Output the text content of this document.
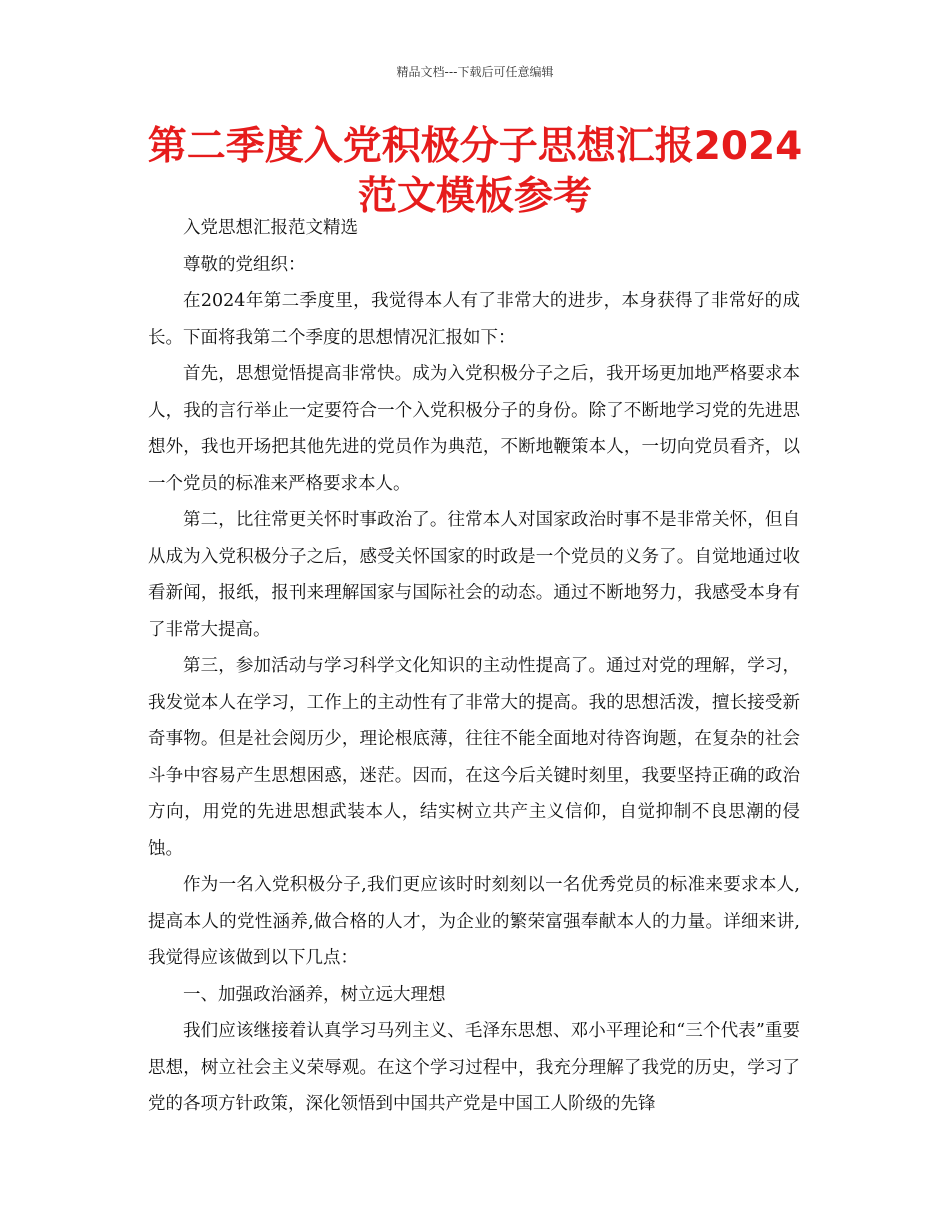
精品文档---下载后可任意编辑
第二季度入党积极分子思想汇报2024范文模板参考

入党思想汇报范文精选

尊敬的党组织：

在2024年第二季度里，我觉得本人有了非常大的进步，本身获得了非常好的成长。下面将我第二个季度的思想情况汇报如下：

首先，思想觉悟提高非常快。成为入党积极分子之后，我开场更加地严格要求本人，我的言行举止一定要符合一个入党积极分子的身份。除了不断地学习党的先进思想外，我也开场把其他先进的党员作为典范，不断地鞭策本人，一切向党员看齐，以一个党员的标准来严格要求本人。

第二，比往常更关怀时事政治了。往常本人对国家政治时事不是非常关怀，但自从成为入党积极分子之后，感受关怀国家的时政是一个党员的义务了。自觉地通过收看新闻，报纸，报刊来理解国家与国际社会的动态。通过不断地努力，我感受本身有了非常大提高。

第三，参加活动与学习科学文化知识的主动性提高了。通过对党的理解，学习，我发觉本人在学习，工作上的主动性有了非常大的提高。我的思想活泼，擅长接受新奇事物。但是社会阅历少，理论根底薄，往往不能全面地对待咨询题，在复杂的社会斗争中容易产生思想困惑，迷茫。因而，在这今后关键时刻里，我要坚持正确的政治方向，用党的先进思想武装本人，结实树立共产主义信仰，自觉抑制不良思潮的侵蚀。

作为一名入党积极分子,我们更应该时时刻刻以一名优秀党员的标准来要求本人,提高本人的党性涵养,做合格的人才，为企业的繁荣富强奉献本人的力量。详细来讲,我觉得应该做到以下几点：

一、加强政治涵养，树立远大理想

我们应该继接着认真学习马列主义、毛泽东思想、邓小平理论和“三个代表”重要思想，树立社会主义荣辱观。在这个学习过程中，我充分理解了我党的历史，学习了党的各项方针政策，深化领悟到中国共产党是中国工人阶级的先锋
